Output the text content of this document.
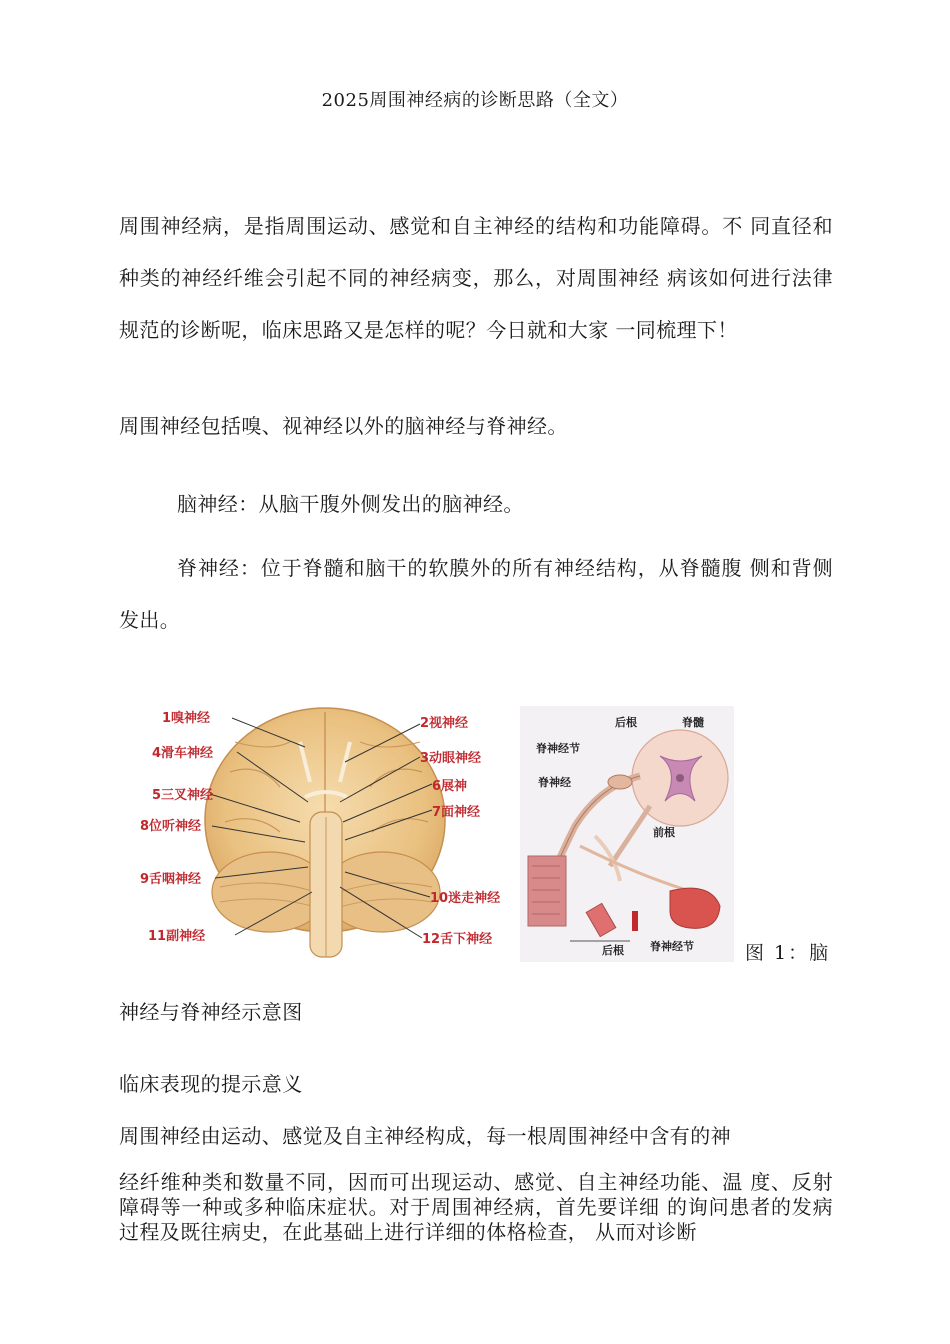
2025周围神经病的诊断思路（全文）
周围神经病，是指周围运动、感觉和自主神经的结构和功能障碍。不 同直径和种类的神经纤维会引起不同的神经病变，那么，对周围神经 病该如何进行法律规范的诊断呢，临床思路又是怎样的呢？今日就和大家 一同梳理下！
周围神经包括嗅、视神经以外的脑神经与脊神经。
脑神经：从脑干腹外侧发出的脑神经。
脊神经：位于脊髓和脑干的软膜外的所有神经结构，从脊髓腹 侧和背侧发出。
1嗅神经
4滑车神经
5三叉神经
8位听神经
9舌咽神经
11副神经
2视神经
3动眼神经
6展神
7面神经
10迷走神经
12舌下神经
后根	脊髓
脊神经节
脊神经
前根
后根 脊神经节	图 1：脑
神经与脊神经示意图
临床表现的提示意义
周围神经由运动、感觉及自主神经构成，每一根周围神经中含有的神
经纤维种类和数量不同，因而可出现运动、感觉、自主神经功能、温 度、反射障碍等一种或多种临床症状。对于周围神经病，首先要详细 的询问患者的发病过程及既往病史，在此基础上进行详细的体格检查， 从而对诊断
